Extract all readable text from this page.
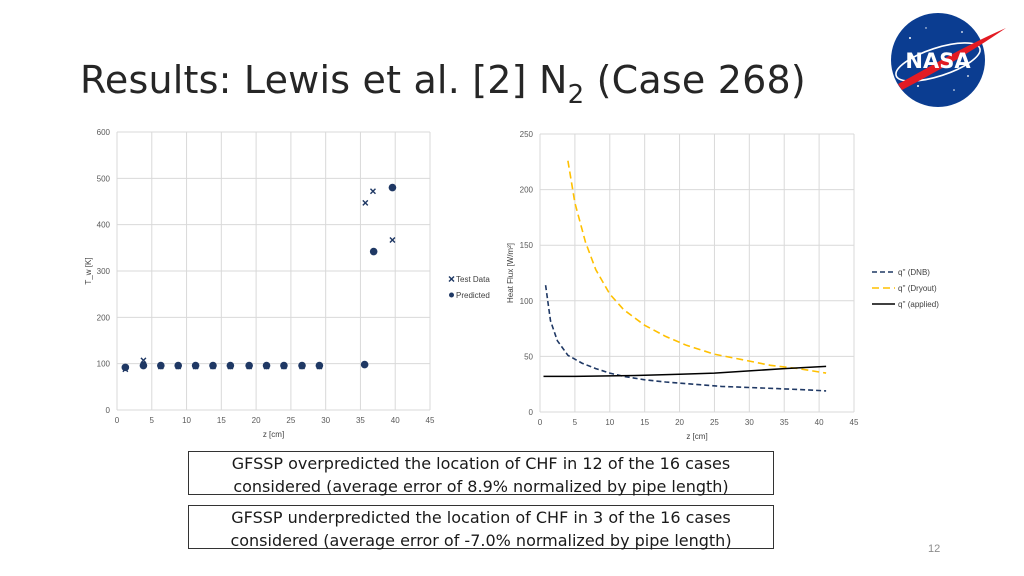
Results: Lewis et al. [2] $N_2$ (Case 268)	NASA
0	5	10	15	20	25	30	35	40	45
0
100
200
300
400
500
600
z [cm]
T_w [K]	Test Data
Predicted
0	5	10	15	20	25	30	35	40	45
0
50
100
150
200
250
z [cm]
Heat Flux [W/m²]	q'' (DNB)
q'' (Dryout)
q'' (applied)
GFSSP overpredicted the location of CHF in 12 of the 16 cases considered (average error of 8.9% normalized by pipe length)
GFSSP underpredicted the location of CHF in 3 of the 16 cases considered (average error of -7.0% normalized by pipe length)	12
